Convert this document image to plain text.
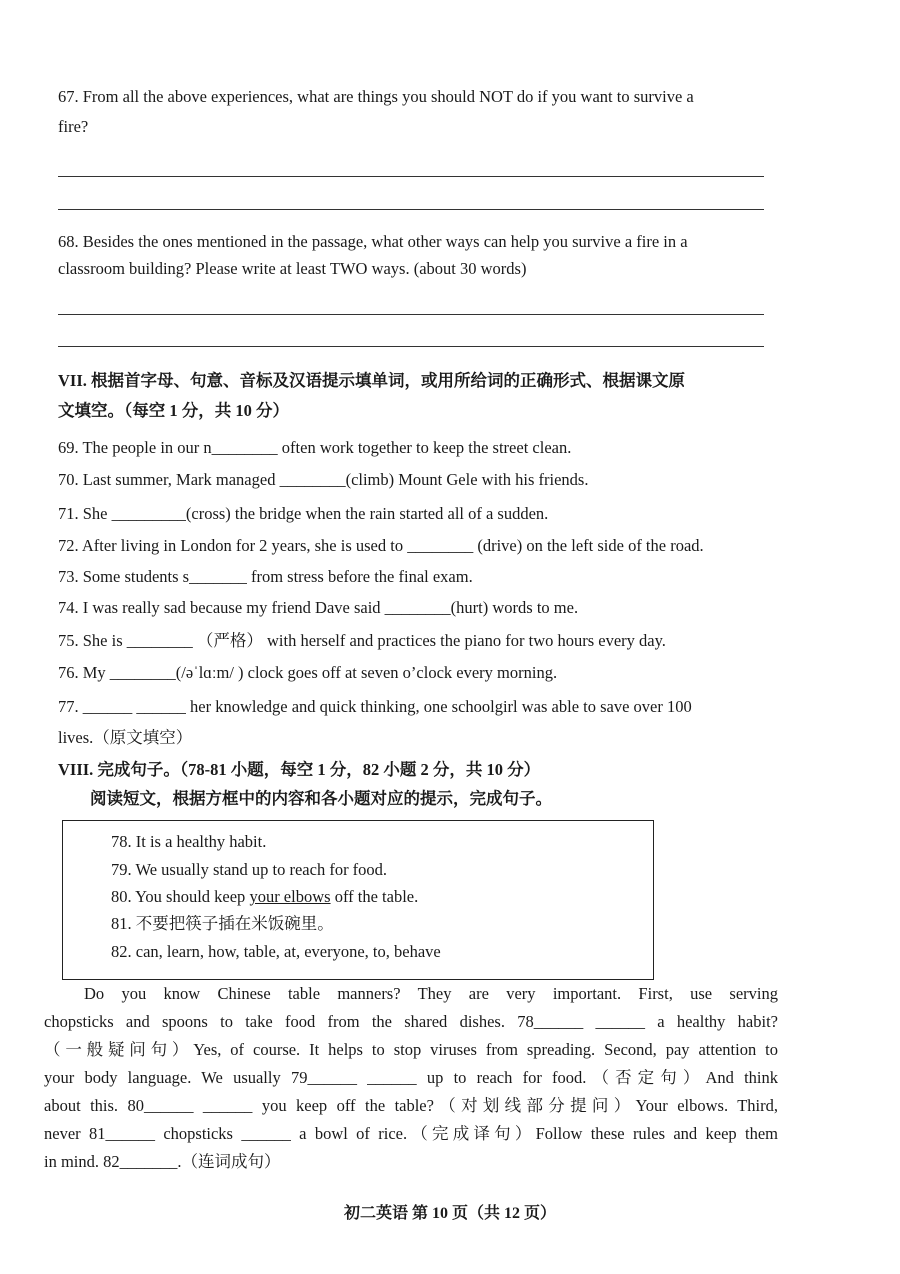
67. From all the above experiences, what are things you should NOT do if you want to survive a
fire?
68. Besides the ones mentioned in the passage, what other ways can help you survive a fire in a
classroom building? Please write at least TWO ways. (about 30 words)
VII. 根据首字母、句意、音标及汉语提示填单词，或用所给词的正确形式、根据课文原
文填空。（每空 1 分，共 10 分）
69. The people in our n________ often work together to keep the street clean.
70. Last summer, Mark managed ________(climb) Mount Gele with his friends.
71. She _________(cross) the bridge when the rain started all of a sudden.
72. After living in London for 2 years, she is used to ________ (drive) on the left side of the road.
73. Some students s_______ from stress before the final exam.
74. I was really sad because my friend Dave said ________(hurt) words to me.
75. She is ________ （严格） with herself and practices the piano for two hours every day.
76. My ________(/əˈlɑːm/ ) clock goes off at seven o’clock every morning.
77. ______ ______ her knowledge and quick thinking, one schoolgirl was able to save over 100
lives.（原文填空）
VIII. 完成句子。（78-81 小题，每空 1 分，82 小题 2 分，共 10 分）
阅读短文，根据方框中的内容和各小题对应的提示，完成句子。
78. It is a healthy habit.
79. We usually stand up to reach for food.
80. You should keep your elbows off the table.
81. 不要把筷子插在米饭碗里。
82. can, learn, how, table, at, everyone, to, behave
Do you know Chinese table manners? They are very important. First, use serving
chopsticks and spoons to take food from the shared dishes. 78______ ______ a healthy habit?
（一般疑问句）Yes, of course. It helps to stop viruses from spreading. Second, pay attention to
your body language. We usually 79______ ______ up to reach for food.（否定句）And think
about this. 80______ ______ you keep off the table?（对划线部分提问）Your elbows. Third,
never 81______ chopsticks ______ a bowl of rice.（完成译句）Follow these rules and keep them
in mind. 82_______.（连词成句）
初二英语 第 10 页（共 12 页）
